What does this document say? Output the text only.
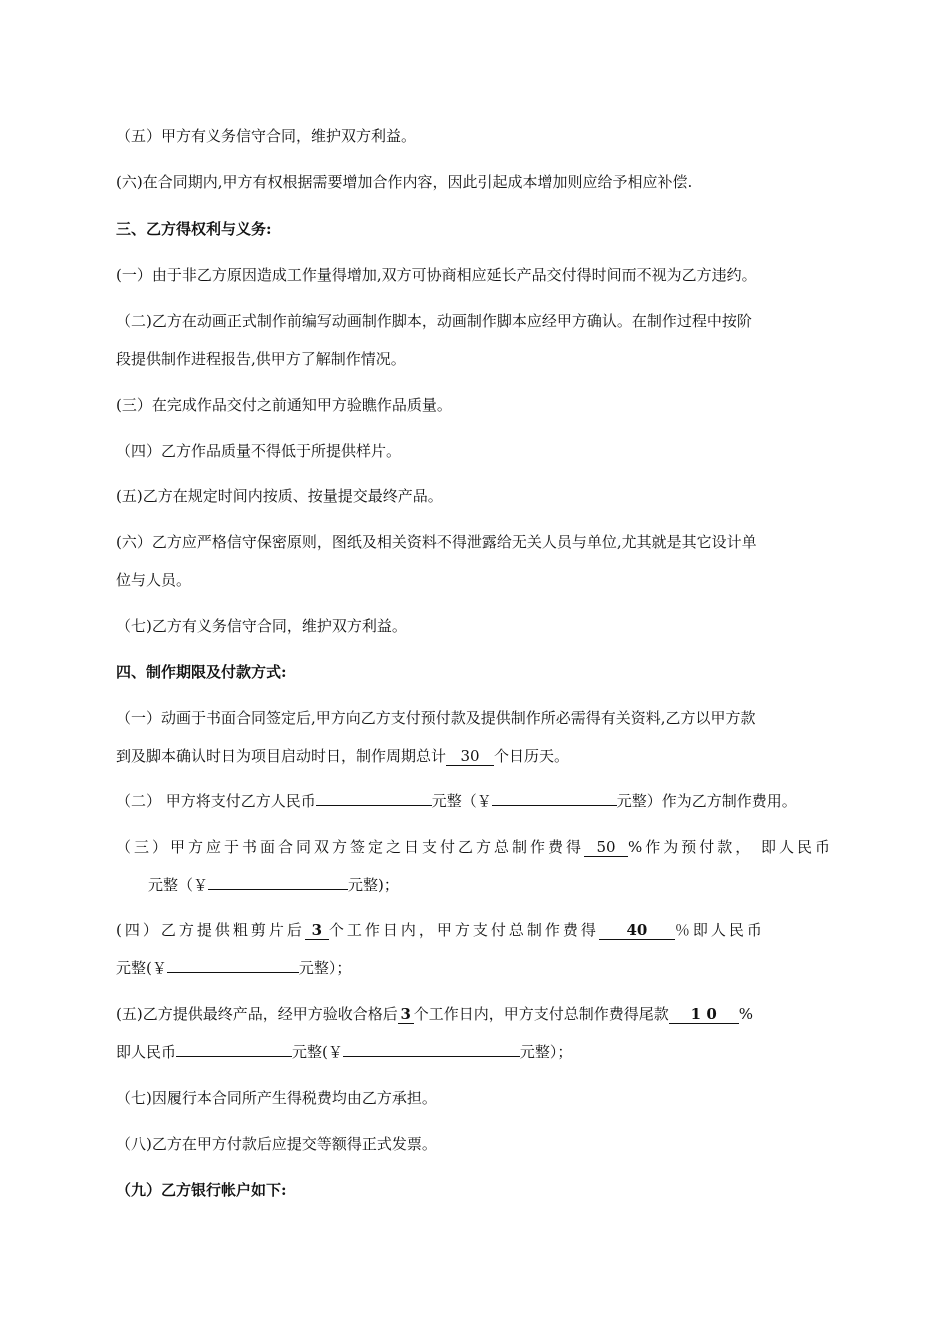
（五）甲方有义务信守合同，维护双方利益。
(六)在合同期内,甲方有权根据需要增加合作内容，因此引起成本增加则应给予相应补偿.
三、乙方得权利与义务:
(一）由于非乙方原因造成工作量得增加,双方可协商相应延长产品交付得时间而不视为乙方违约。
（二)乙方在动画正式制作前编写动画制作脚本，动画制作脚本应经甲方确认。在制作过程中按阶
段提供制作进程报告,供甲方了解制作情况。
(三）在完成作品交付之前通知甲方验瞧作品质量。
（四）乙方作品质量不得低于所提供样片。
(五)乙方在规定时间内按质、按量提交最终产品。
(六）乙方应严格信守保密原则，图纸及相关资料不得泄露给无关人员与单位,尤其就是其它设计单
位与人员。
（七)乙方有义务信守合同，维护双方利益。
四、制作期限及付款方式:
（一）动画于书面合同签定后,甲方向乙方支付预付款及提供制作所必需得有关资料,乙方以甲方款
到及脚本确认时日为项目启动时日，制作周期总计 30 个日历天。
（二） 甲方将支付乙方人民币	元整（￥	元整）作为乙方制作费用。
（三）甲方应于书面合同双方签定之日支付乙方总制作费得 50 %作为预付款， 即人民币
元整（￥	元整)；
(四）乙方提供粗剪片后 3 个工作日内，甲方支付总制作费得 40 ％即人民币
元整(￥	元整）；
(五)乙方提供最终产品，经甲方验收合格后 3 个工作日内，甲方支付总制作费得尾款 1 0 %
即人民币	元整(￥	元整）；
（七)因履行本合同所产生得税费均由乙方承担。
（八)乙方在甲方付款后应提交等额得正式发票。
（九）乙方银行帐户如下:
